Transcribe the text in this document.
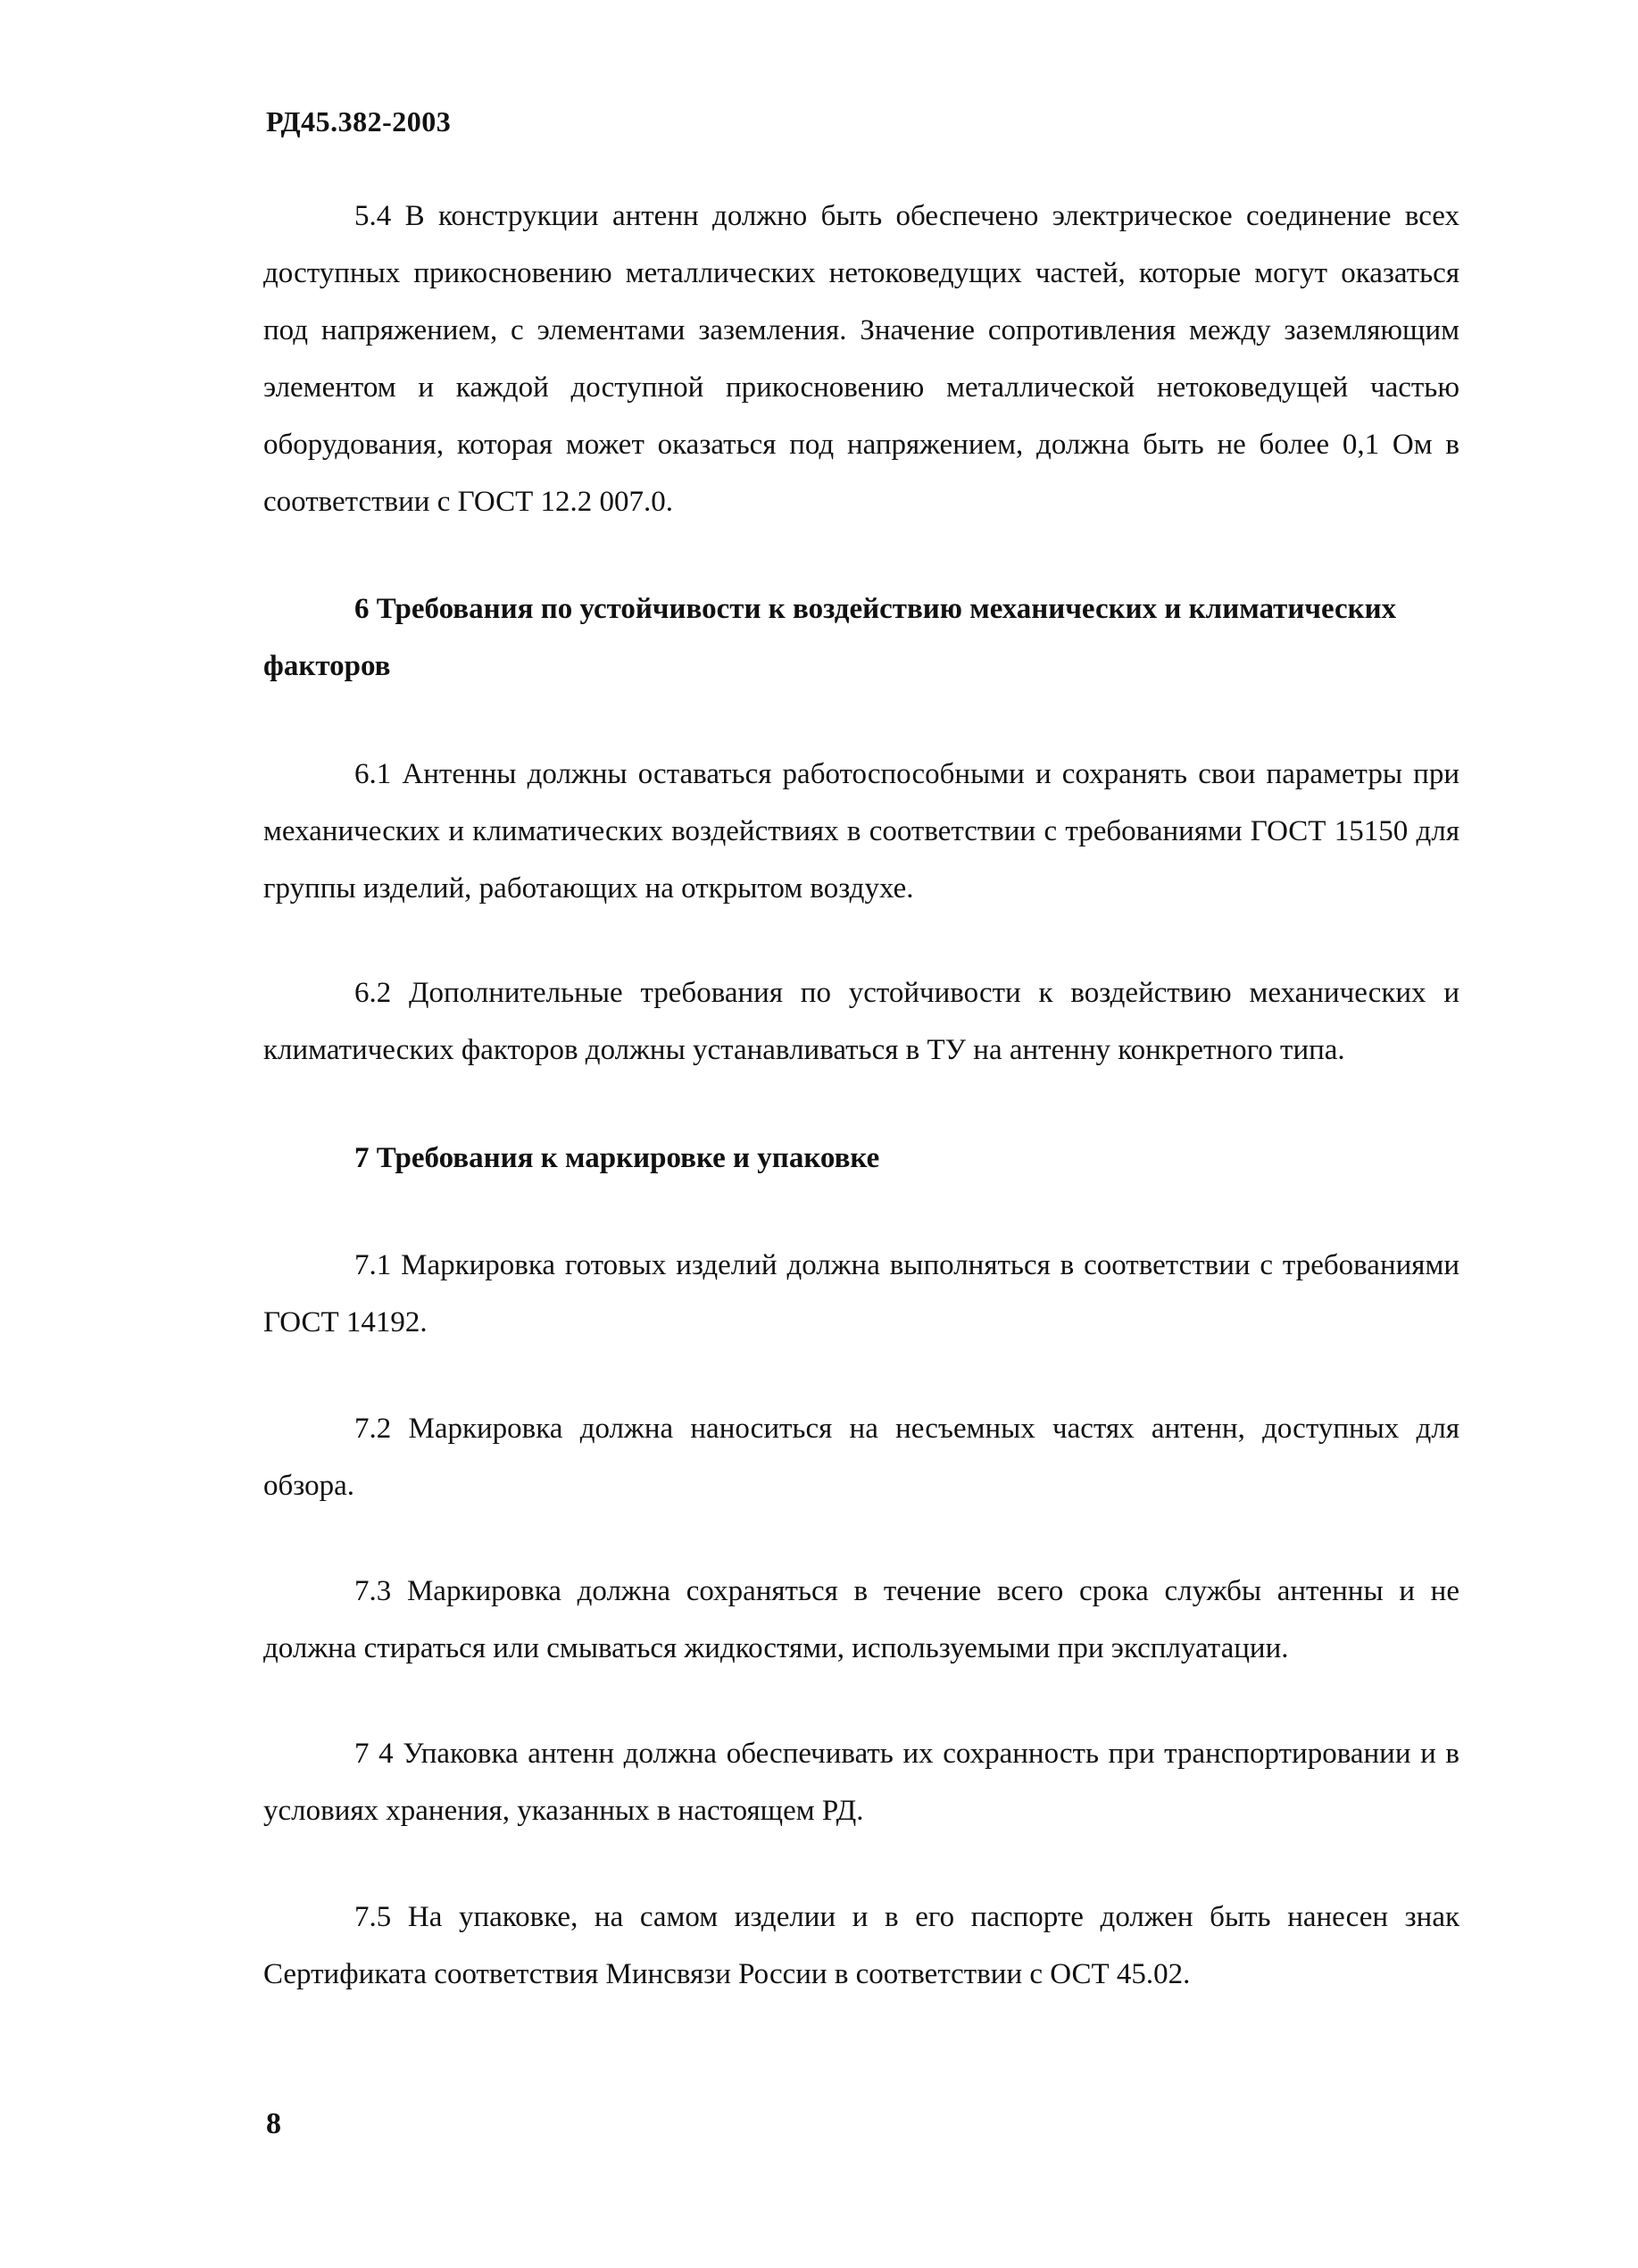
РД45.382-2003

5.4 В конструкции антенн должно быть обеспечено электрическое соединение всех доступных прикосновению металлических нетоковедущих частей, которые могут оказаться под напряжением, с элементами заземления. Значение сопротивления между заземляющим элементом и каждой доступной прикосновению металлической нетоковедущей частью оборудования, которая может оказаться под напряжением, должна быть не более 0,1 Ом в соответствии с ГОСТ 12.2 007.0.

6 Требования по устойчивости к воздействию механических и климатических факторов

6.1 Антенны должны оставаться работоспособными и сохранять свои параметры при механических и климатических воздействиях в соответствии с требованиями ГОСТ 15150 для группы изделий, работающих на открытом воздухе.

6.2 Дополнительные требования по устойчивости к воздействию механических и климатических факторов должны устанавливаться в ТУ на антенну конкретного типа.

7 Требования к маркировке и упаковке

7.1 Маркировка готовых изделий должна выполняться в соответствии с требованиями ГОСТ 14192.

7.2 Маркировка должна наноситься на несъемных частях антенн, доступных для обзора.

7.3 Маркировка должна сохраняться в течение всего срока службы антенны и не должна стираться или смываться жидкостями, используемыми при эксплуатации.

7 4 Упаковка антенн должна обеспечивать их сохранность при транспортировании и в условиях хранения, указанных в настоящем РД.

7.5 На упаковке, на самом изделии и в его паспорте должен быть нанесен знак Сертификата соответствия Минсвязи России в соответствии с ОСТ 45.02.

8
